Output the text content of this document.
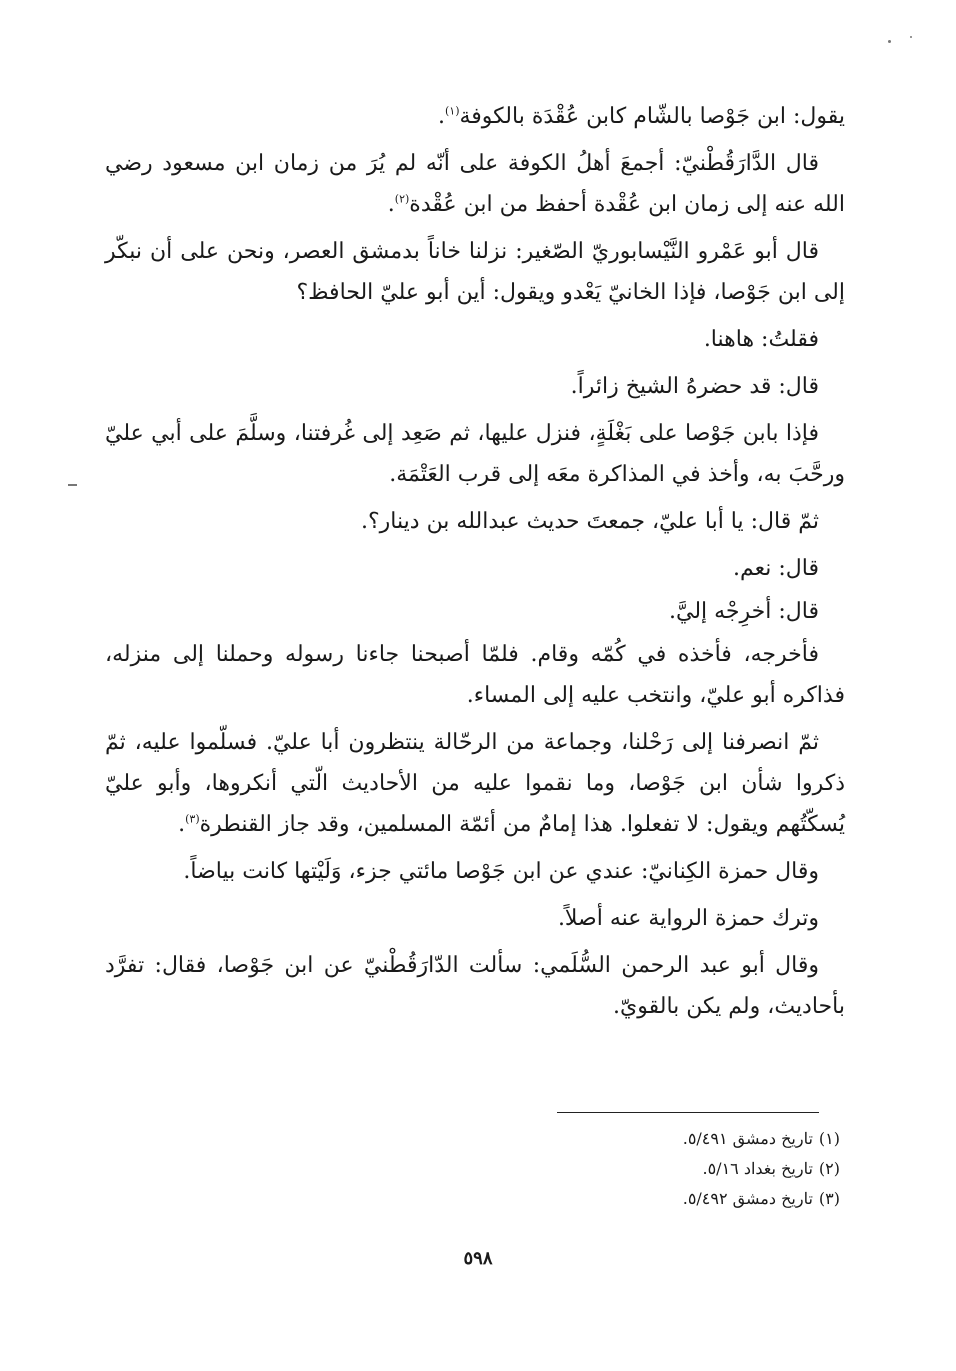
يقول: ابن جَوْصا بالشّام كابن عُقْدَة بالكوفة$^{(١)}$.

قال الدَّارَقُطْنيّ: أجمعَ أهلُ الكوفة على أنّه لم يُرَ من زمان ابن مسعود رضي الله عنه إلى زمان ابن عُقْدة أحفظ من ابن عُقْدة$^{(٢)}$.

قال أبو عَمْرو النَّيْسابوريّ الصّغير: نزلنا خاناً بدمشق العصر، ونحن على أن نبكّر إلى ابن جَوْصا، فإذا الخانيّ يَعْدو ويقول: أين أبو عليّ الحافظ؟

فقلتُ: هاهنا.

قال: قد حضرهُ الشيخ زائراً.

فإذا بابن جَوْصا على بَغْلَةٍ، فنزل عليها، ثم صَعِد إلى غُرفتنا، وسلَّمَ على أبي عليّ ورحَّبَ به، وأخذ في المذاكرة معَه إلى قرب العَتْمَة.

ثمّ قال: يا أبا عليّ، جمعتَ حديث عبدالله بن دينار؟.

قال: نعم.

قال: أخرِجْه إليَّ.

فأخرجه، فأخذه في كُمّه وقام. فلمّا أصبحنا جاءنا رسوله وحملنا إلى منزله، فذاكره أبو عليّ، وانتخب عليه إلى المساء.

ثمّ انصرفنا إلى رَحْلنا، وجماعة من الرحّالة ينتظرون أبا عليّ. فسلّموا عليه، ثمّ ذكروا شأن ابن جَوْصا، وما نقموا عليه من الأحاديث الّتي أنكروها، وأبو عليّ يُسكّتُهم ويقول: لا تفعلوا. هذا إمامٌ من أئمّة المسلمين، وقد جاز القنطرة$^{(٣)}$.

وقال حمزة الكِنانيّ: عندي عن ابن جَوْصا مائتي جزء، وَلَيْتها كانت بياضاً.

وترك حمزة الرواية عنه أصلاً.

وقال أبو عبد الرحمن السُّلَمي: سألت الدّارَقُطْنيّ عن ابن جَوْصا، فقال: تفرَّد بأحاديث، ولم يكن بالقويّ.

(١)تاريخ دمشق ٥/٤٩١.

(٢)تاريخ بغداد ٥/١٦.

(٣)تاريخ دمشق ٥/٤٩٢.

٥٩٨
